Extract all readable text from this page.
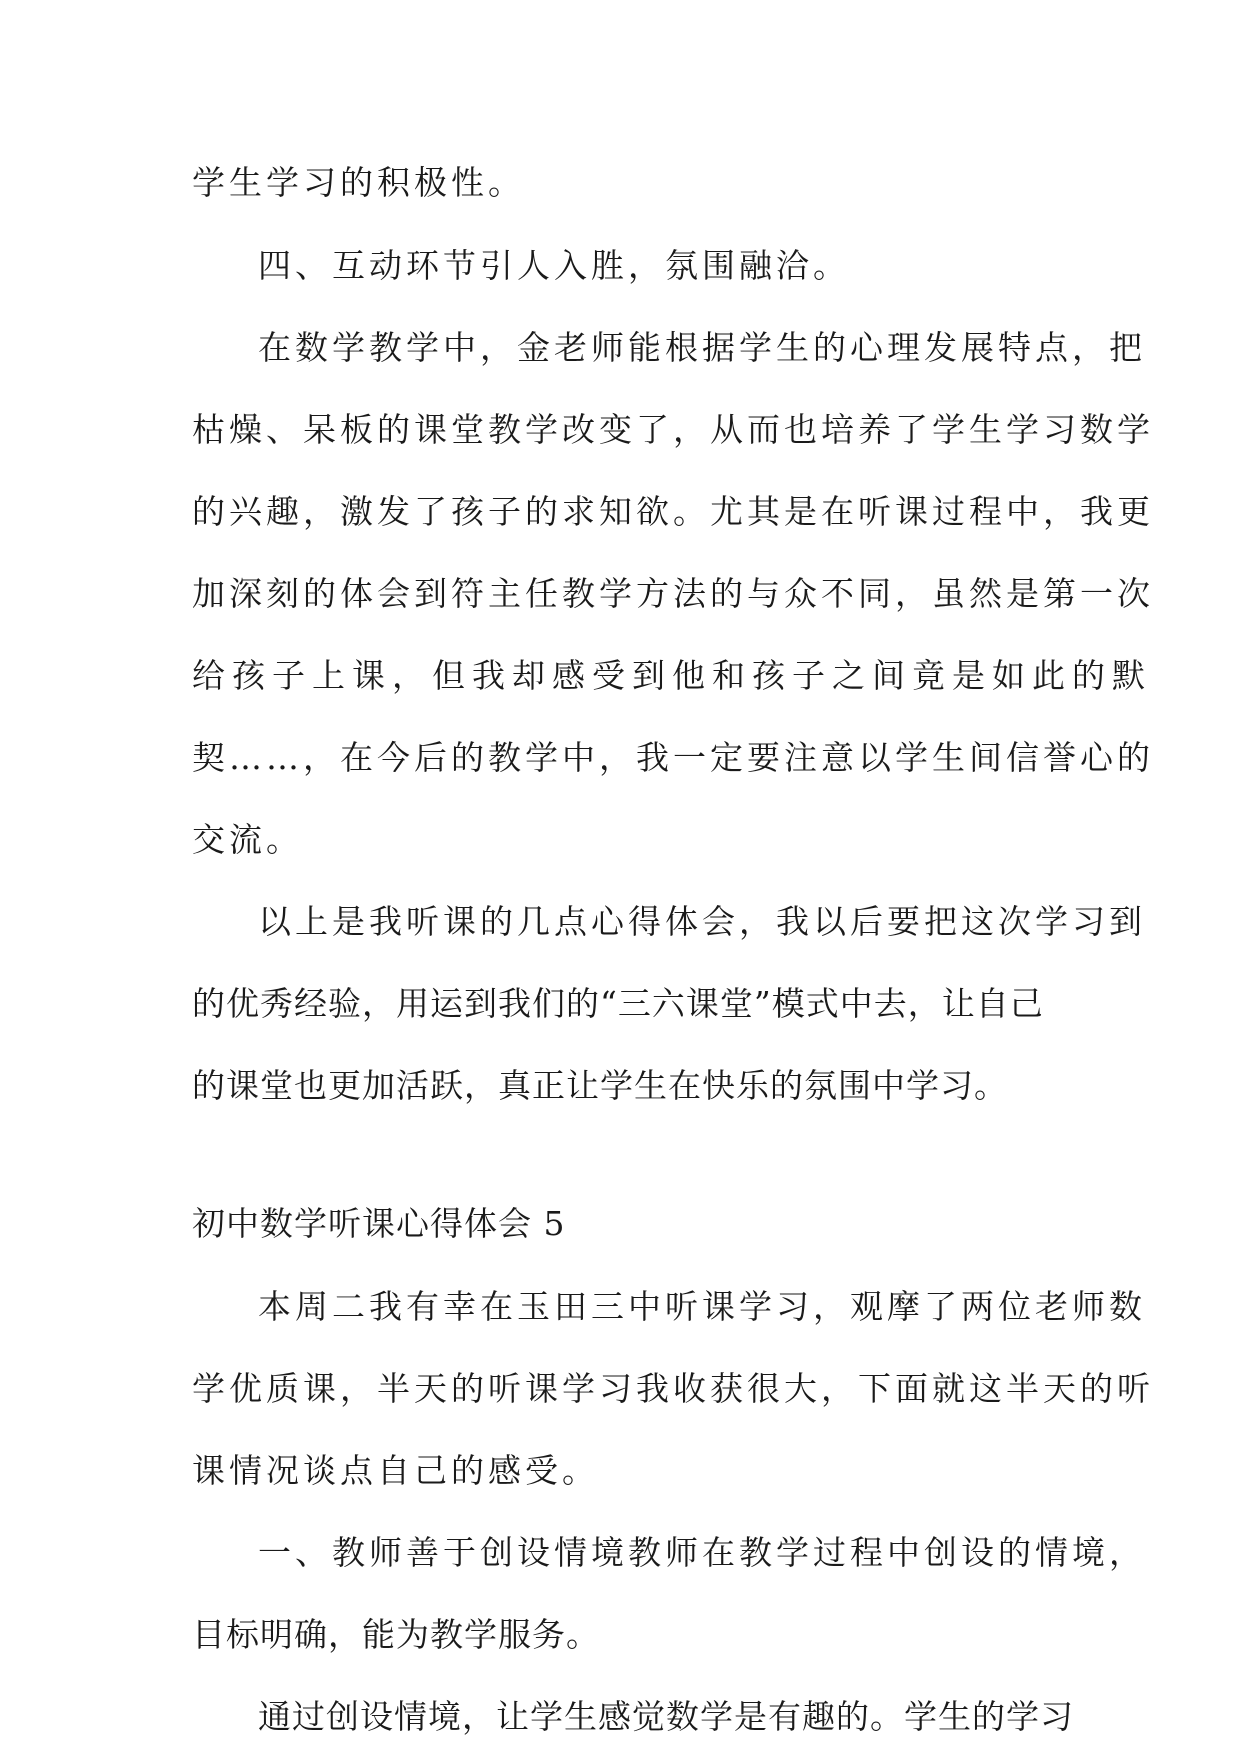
学生学习的积极性。
四、互动环节引人入胜，氛围融洽。
在数学教学中，金老师能根据学生的心理发展特点，把
枯燥、呆板的课堂教学改变了，从而也培养了学生学习数学
的兴趣，激发了孩子的求知欲。尤其是在听课过程中，我更
加深刻的体会到符主任教学方法的与众不同，虽然是第一次
给孩子上课，但我却感受到他和孩子之间竟是如此的默
契……，在今后的教学中，我一定要注意以学生间信誉心的
交流。
以上是我听课的几点心得体会，我以后要把这次学习到
的优秀经验，用运到我们的“三六课堂”模式中去，让自己
的课堂也更加活跃，真正让学生在快乐的氛围中学习。
初中数学听课心得体会 5
本周二我有幸在玉田三中听课学习，观摩了两位老师数
学优质课，半天的听课学习我收获很大，下面就这半天的听
课情况谈点自己的感受。
一、教师善于创设情境教师在教学过程中创设的情境，
目标明确，能为教学服务。
通过创设情境，让学生感觉数学是有趣的。学生的学习
